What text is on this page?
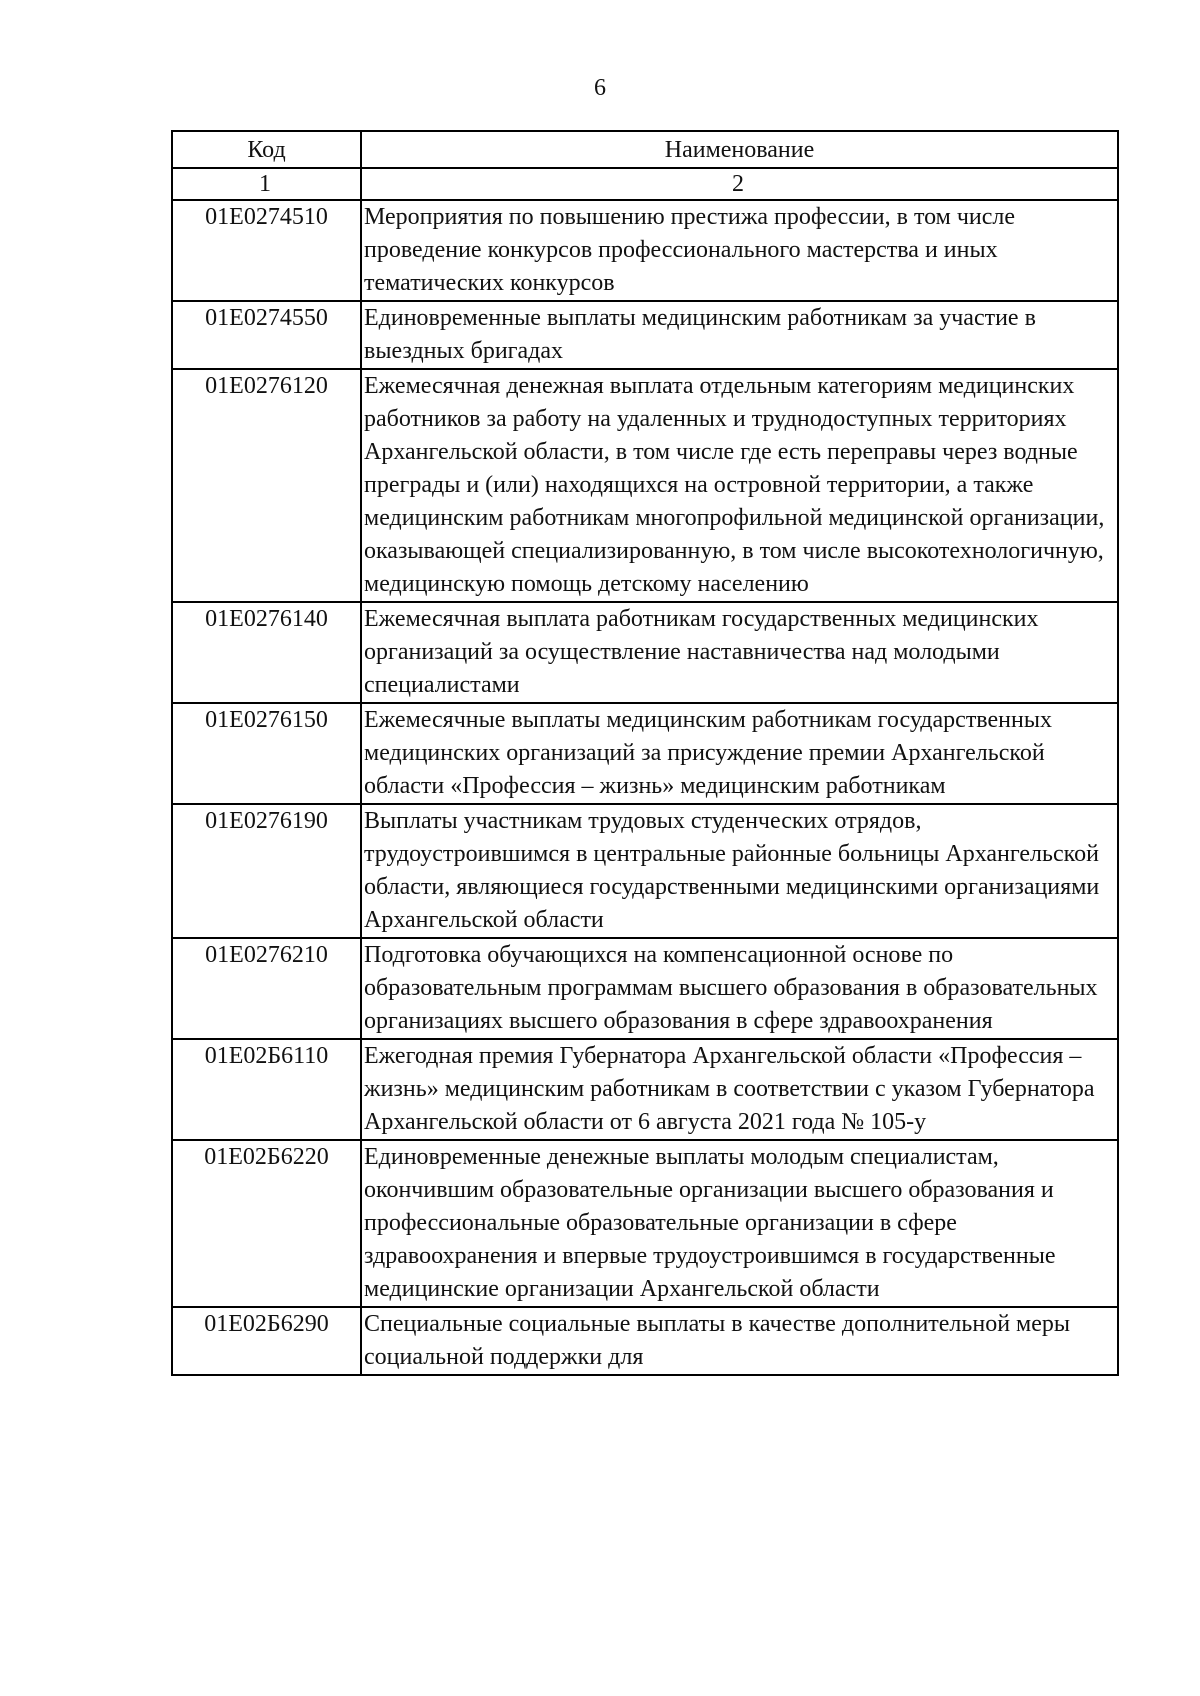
6
Код	Наименование
1	2
01Е0274510	Мероприятия по повышению престижа профессии, в том числе проведение конкурсов профессионального мастерства и иных тематических конкурсов
01Е0274550	Единовременные выплаты медицинским работникам за участие в выездных бригадах
01Е0276120	Ежемесячная денежная выплата отдельным категориям медицинских работников за работу на удаленных и труднодоступных территориях Архангельской области, в том числе где есть переправы через водные преграды и (или) находящихся на островной территории, а также медицинским работникам многопрофильной медицинской организации, оказывающей специализированную, в том числе высокотехнологичную, медицинскую помощь детскому населению
01Е0276140	Ежемесячная выплата работникам государственных медицинских организаций за осуществление наставничества над молодыми специалистами
01Е0276150	Ежемесячные выплаты медицинским работникам государственных медицинских организаций за присуждение премии Архангельской области «Профессия – жизнь» медицинским работникам
01Е0276190	Выплаты участникам трудовых студенческих отрядов, трудоустроившимся в центральные районные больницы Архангельской области, являющиеся государственными медицинскими организациями Архангельской области
01Е0276210	Подготовка обучающихся на компенсационной основе по образовательным программам высшего образования в образовательных организациях высшего образования в сфере здравоохранения
01Е02Б6110	Ежегодная премия Губернатора Архангельской области «Профессия – жизнь» медицинским работникам в соответствии с указом Губернатора Архангельской области от 6 августа 2021 года № 105-у
01Е02Б6220	Единовременные денежные выплаты молодым специалистам, окончившим образовательные организации высшего образования и профессиональные образовательные организации в сфере здравоохранения и впервые трудоустроившимся в государственные медицинские организации Архангельской области
01Е02Б6290	Специальные социальные выплаты в качестве дополнительной меры социальной поддержки для
